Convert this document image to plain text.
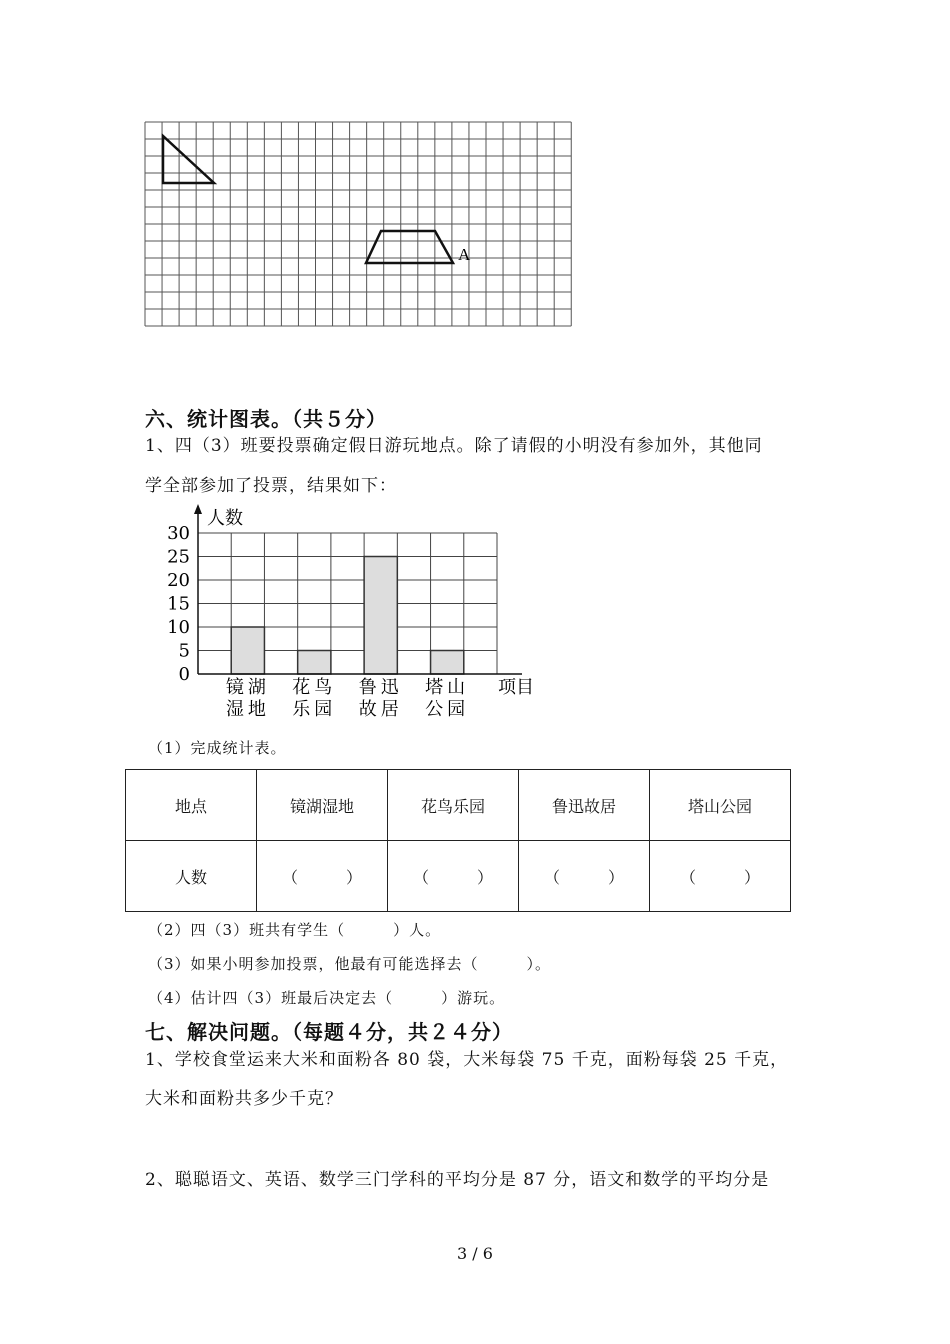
A
六、统计图表。（共５分）
1、四（3）班要投票确定假日游玩地点。除了请假的小明没有参加外，其他同
学全部参加了投票，结果如下：
人数
项目
0
5
10
15
20
25
30
镜湖
湿地
花鸟
乐园
鲁迅
故居
塔山
公园
（1）完成统计表。
地点	镜湖湿地	花鸟乐园	鲁迅故居	塔山公园
人数	（　　　）	（　　　）	（　　　）	（　　　）
（2）四（3）班共有学生（　　　）人。
（3）如果小明参加投票，他最有可能选择去（　　　）。
（4）估计四（3）班最后决定去（　　　）游玩。
七、解决问题。（每题４分，共２４分）
1、学校食堂运来大米和面粉各 80 袋，大米每袋 75 千克，面粉每袋 25 千克，
大米和面粉共多少千克？
2、聪聪语文、英语、数学三门学科的平均分是 87 分，语文和数学的平均分是
3 / 6
